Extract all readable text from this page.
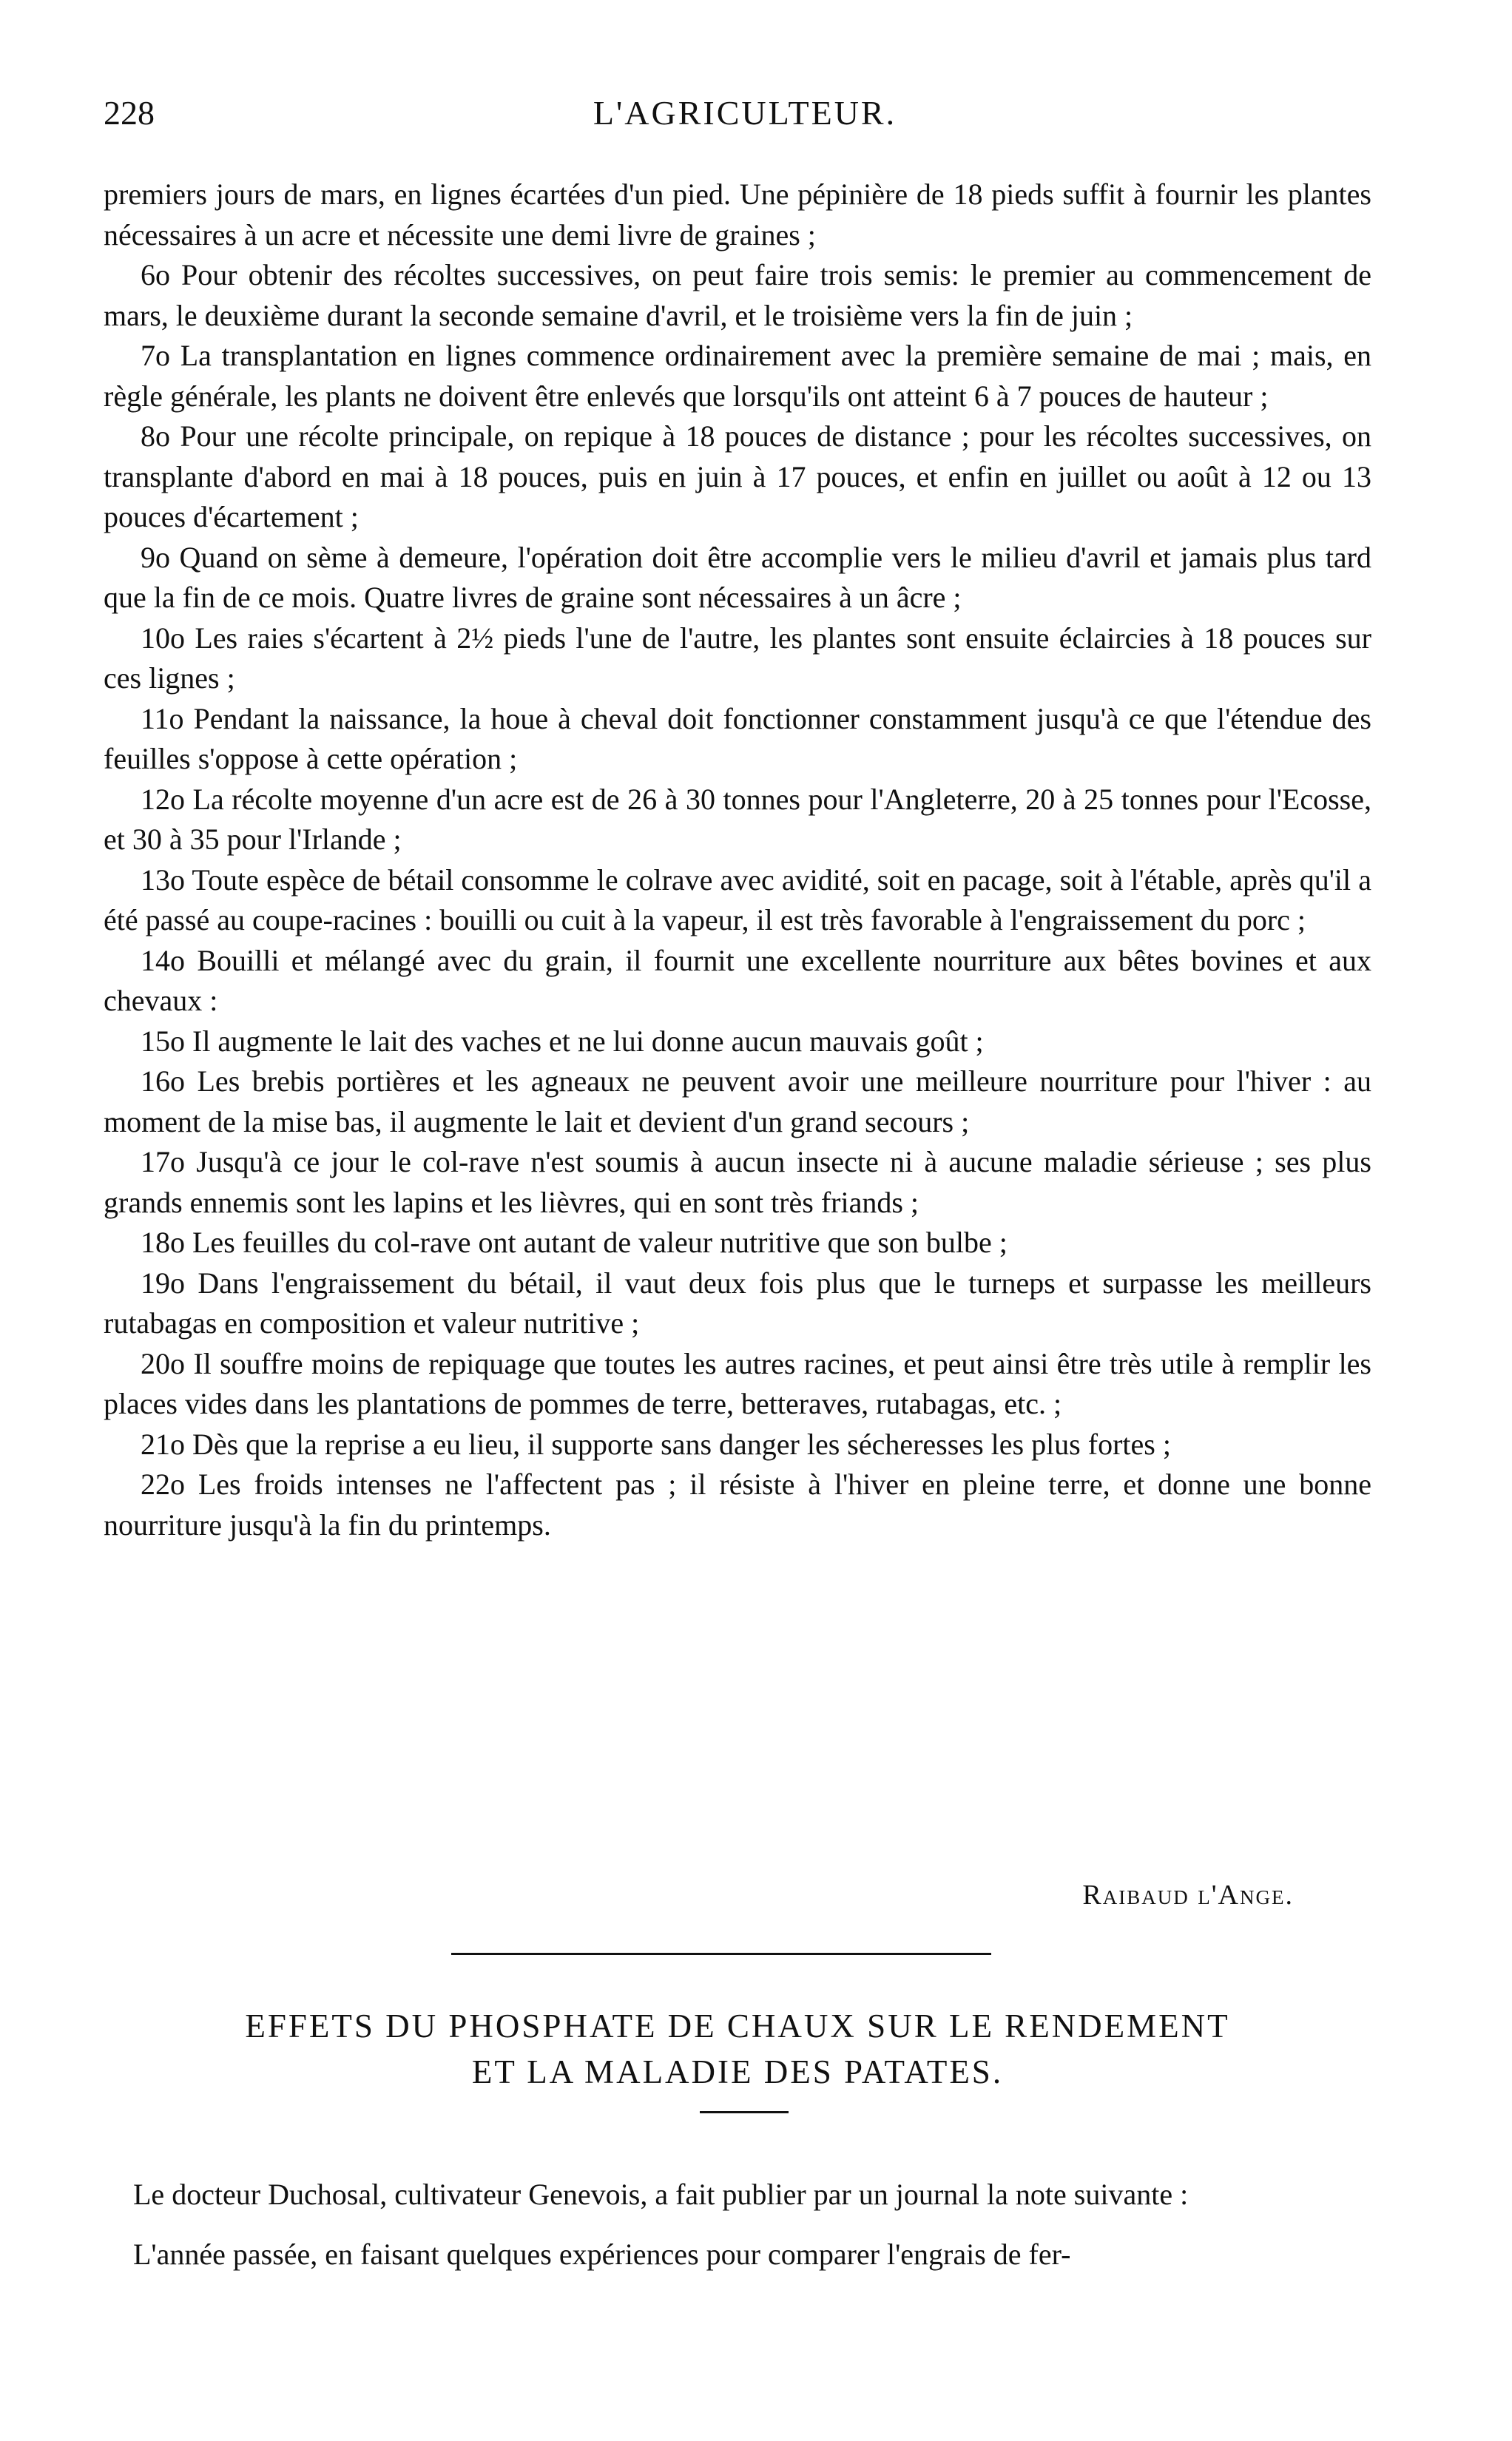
228	L'AGRICULTEUR.

premiers jours de mars, en lignes écartées d'un pied. Une pépinière de 18 pieds suffit à fournir les plantes nécessaires à un acre et nécessite une demi livre de graines ;

6o Pour obtenir des récoltes successives, on peut faire trois semis: le premier au commencement de mars, le deuxième durant la seconde semaine d'avril, et le troisième vers la fin de juin ;

7o La transplantation en lignes commence ordinairement avec la première semaine de mai ; mais, en règle générale, les plants ne doivent être enlevés que lorsqu'ils ont atteint 6 à 7 pouces de hauteur ;

8o Pour une récolte principale, on repique à 18 pouces de distance ; pour les récoltes successives, on transplante d'abord en mai à 18 pouces, puis en juin à 17 pouces, et enfin en juillet ou août à 12 ou 13 pouces d'écartement ;

9o Quand on sème à demeure, l'opération doit être accomplie vers le milieu d'avril et jamais plus tard que la fin de ce mois. Quatre livres de graine sont nécessaires à un âcre ;

10o Les raies s'écartent à 2½ pieds l'une de l'autre, les plantes sont ensuite éclaircies à 18 pouces sur ces lignes ;

11o Pendant la naissance, la houe à cheval doit fonctionner constamment jusqu'à ce que l'étendue des feuilles s'oppose à cette opération ;

12o La récolte moyenne d'un acre est de 26 à 30 tonnes pour l'Angleterre, 20 à 25 tonnes pour l'Ecosse, et 30 à 35 pour l'Irlande ;

13o Toute espèce de bétail consomme le colrave avec avidité, soit en pacage, soit à l'étable, après qu'il a été passé au coupe-racines : bouilli ou cuit à la vapeur, il est très favorable à l'engraissement du porc ;

14o Bouilli et mélangé avec du grain, il fournit une excellente nourriture aux bêtes bovines et aux chevaux :

15o Il augmente le lait des vaches et ne lui donne aucun mauvais goût ;

16o Les brebis portières et les agneaux ne peuvent avoir une meilleure nourriture pour l'hiver : au moment de la mise bas, il augmente le lait et devient d'un grand secours ;

17o Jusqu'à ce jour le col-rave n'est soumis à aucun insecte ni à aucune maladie sérieuse ; ses plus grands ennemis sont les lapins et les lièvres, qui en sont très friands ;

18o Les feuilles du col-rave ont autant de valeur nutritive que son bulbe ;

19o Dans l'engraissement du bétail, il vaut deux fois plus que le turneps et surpasse les meilleurs rutabagas en composition et valeur nutritive ;

20o Il souffre moins de repiquage que toutes les autres racines, et peut ainsi être très utile à remplir les places vides dans les plantations de pommes de terre, betteraves, rutabagas, etc. ;

21o Dès que la reprise a eu lieu, il supporte sans danger les sécheresses les plus fortes ;

22o Les froids intenses ne l'affectent pas ; il résiste à l'hiver en pleine terre, et donne une bonne nourriture jusqu'à la fin du printemps.

Raibaud l'Ange.
EFFETS DU PHOSPHATE DE CHAUX SUR LE RENDEMENT
ET LA MALADIE DES PATATES.

Le docteur Duchosal, cultivateur Genevois, a fait publier par un journal la note suivante :

L'année passée, en faisant quelques expériences pour comparer l'engrais de fer-
